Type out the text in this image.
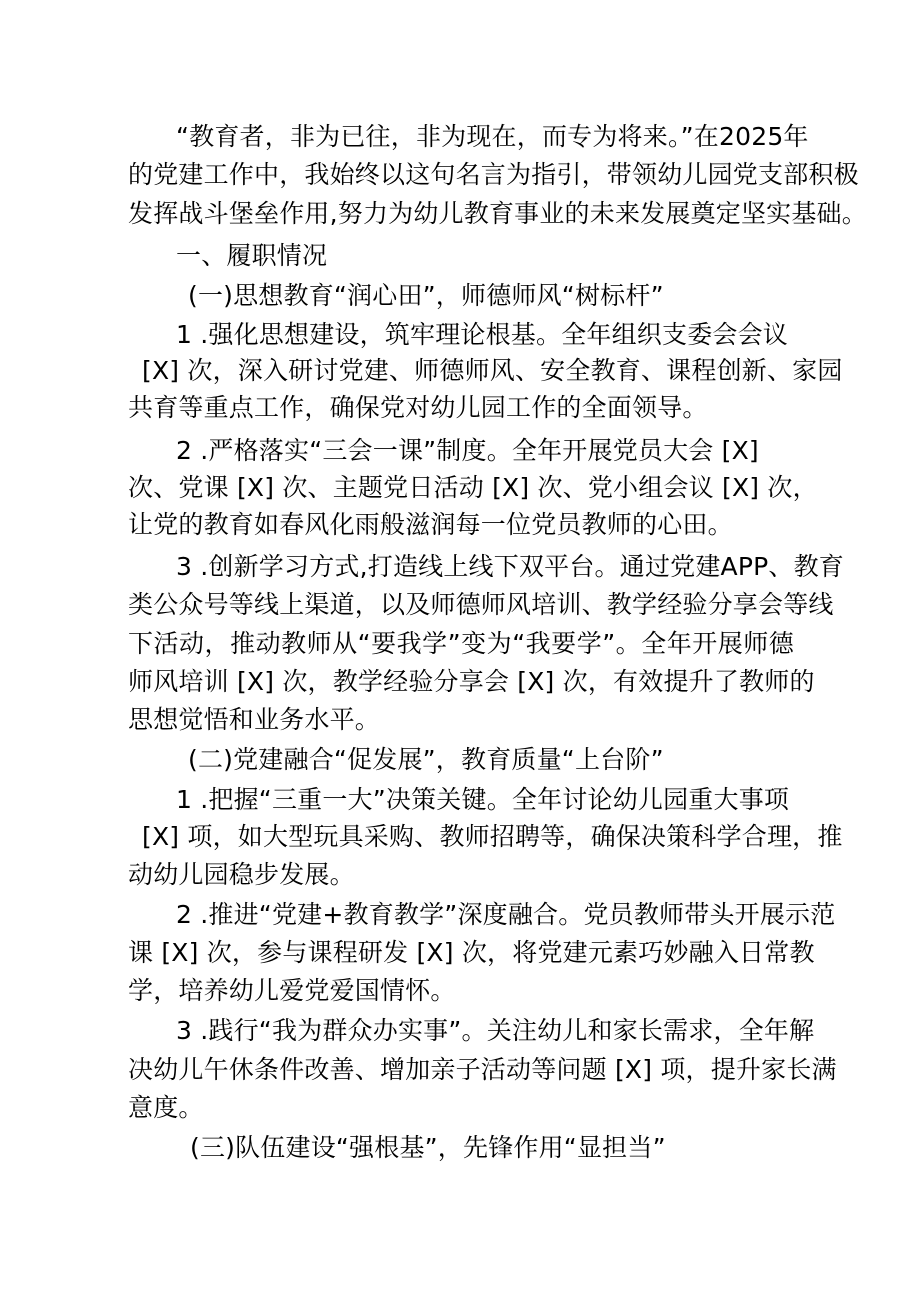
“教育者，非为已往，非为现在，而专为将来。”在2025年
的党建工作中，我始终以这句名言为指引，带领幼儿园党支部积极
发挥战斗堡垒作用,努力为幼儿教育事业的未来发展奠定坚实基础。
一、履职情况
(一)思想教育“润心田”，师德师风“树标杆”
1 .强化思想建设，筑牢理论根基。全年组织支委会会议
[X] 次，深入研讨党建、师德师风、安全教育、课程创新、家园
共育等重点工作，确保党对幼儿园工作的全面领导。
2 .严格落实“三会一课”制度。全年开展党员大会 [X]
次、党课 [X] 次、主题党日活动 [X] 次、党小组会议 [X] 次，
让党的教育如春风化雨般滋润每一位党员教师的心田。
3 .创新学习方式,打造线上线下双平台。通过党建APP、教育
类公众号等线上渠道，以及师德师风培训、教学经验分享会等线
下活动，推动教师从“要我学”变为“我要学”。全年开展师德
师风培训 [X] 次，教学经验分享会 [X] 次，有效提升了教师的
思想觉悟和业务水平。
(二)党建融合“促发展”，教育质量“上台阶”
1 .把握“三重一大”决策关键。全年讨论幼儿园重大事项
[X] 项，如大型玩具采购、教师招聘等，确保决策科学合理，推
动幼儿园稳步发展。
2 .推进“党建+教育教学”深度融合。党员教师带头开展示范
课 [X] 次，参与课程研发 [X] 次，将党建元素巧妙融入日常教
学，培养幼儿爱党爱国情怀。
3 .践行“我为群众办实事”。关注幼儿和家长需求，全年解
决幼儿午休条件改善、增加亲子活动等问题 [X] 项，提升家长满
意度。
(三)队伍建设“强根基”，先锋作用“显担当”
